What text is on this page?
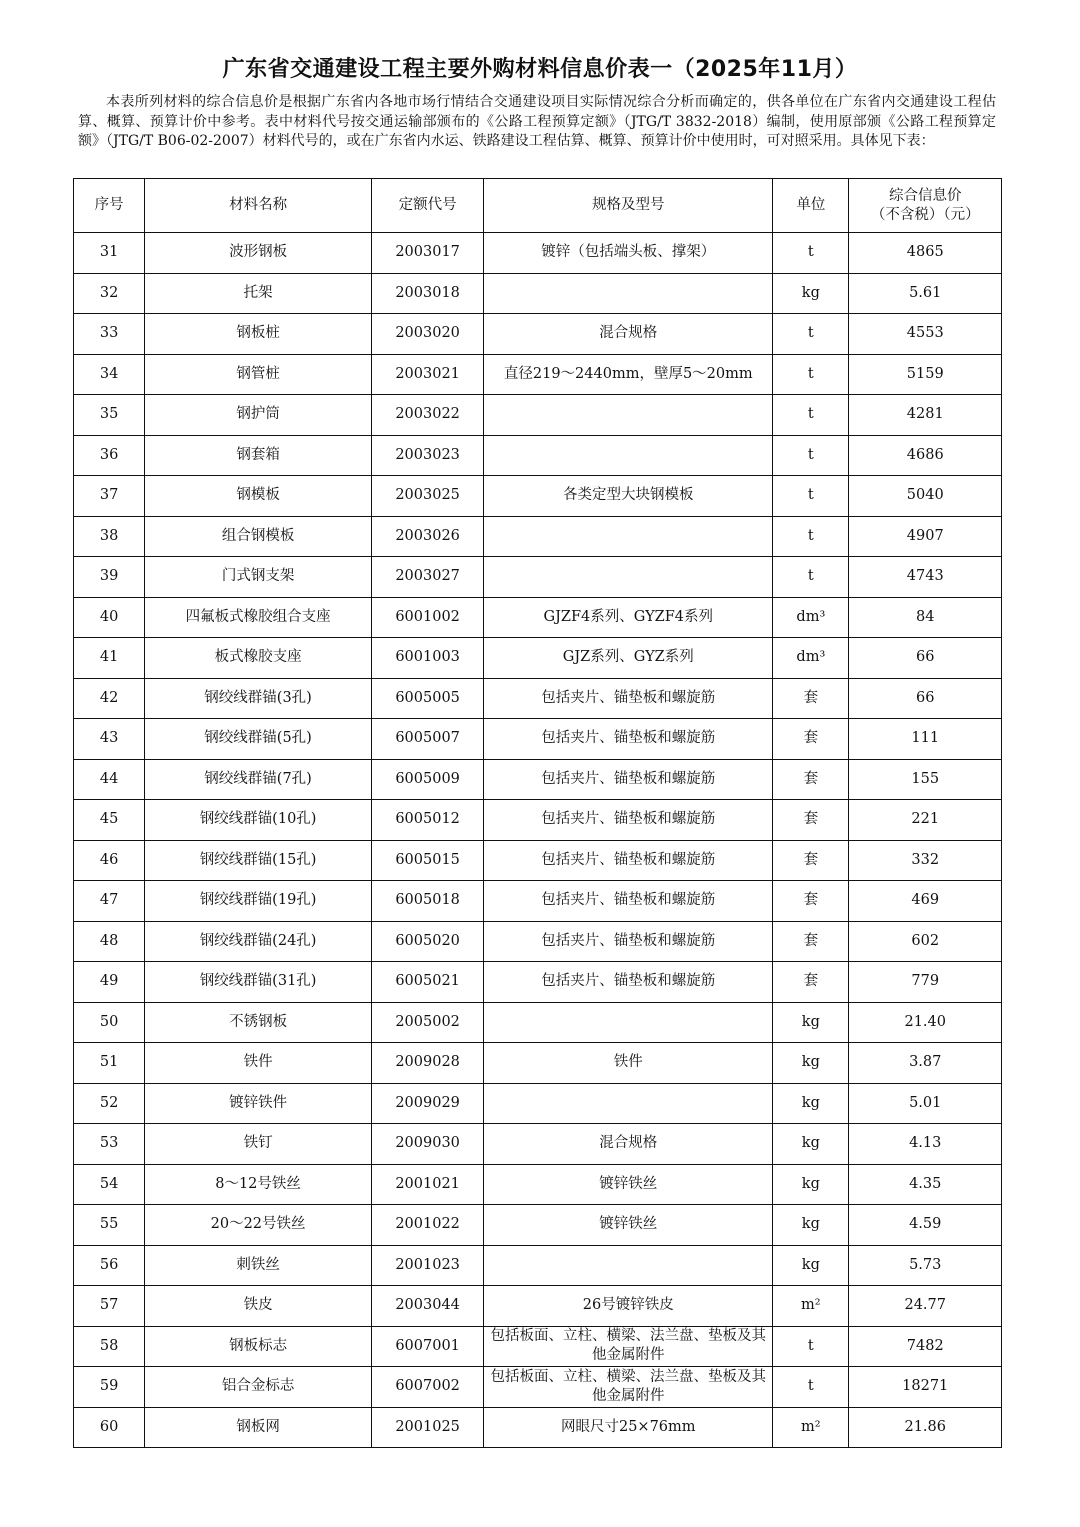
广东省交通建设工程主要外购材料信息价表一（2025年11月）
本表所列材料的综合信息价是根据广东省内各地市场行情结合交通建设项目实际情况综合分析而确定的，供各单位在广东省内交通建设工程估算、概算、预算计价中参考。表中材料代号按交通运输部颁布的《公路工程预算定额》（JTG/T 3832-2018）编制，使用原部颁《公路工程预算定额》（JTG/T B06-02-2007）材料代号的，或在广东省内水运、铁路建设工程估算、概算、预算计价中使用时，可对照采用。具体见下表：
序号	材料名称	定额代号	规格及型号	单位	综合信息价
（不含税）（元）

31	波形钢板	2003017	镀锌（包括端头板、撑架）	t	4865
32	托架	2003018		kg	5.61
33	钢板桩	2003020	混合规格	t	4553
34	钢管桩	2003021	直径219～2440mm，壁厚5～20mm	t	5159
35	钢护筒	2003022		t	4281
36	钢套箱	2003023		t	4686
37	钢模板	2003025	各类定型大块钢模板	t	5040
38	组合钢模板	2003026		t	4907
39	门式钢支架	2003027		t	4743
40	四氟板式橡胶组合支座	6001002	GJZF4系列、GYZF4系列	dm³	84
41	板式橡胶支座	6001003	GJZ系列、GYZ系列	dm³	66
42	钢绞线群锚(3孔)	6005005	包括夹片、锚垫板和螺旋筋	套	66
43	钢绞线群锚(5孔)	6005007	包括夹片、锚垫板和螺旋筋	套	111
44	钢绞线群锚(7孔)	6005009	包括夹片、锚垫板和螺旋筋	套	155
45	钢绞线群锚(10孔)	6005012	包括夹片、锚垫板和螺旋筋	套	221
46	钢绞线群锚(15孔)	6005015	包括夹片、锚垫板和螺旋筋	套	332
47	钢绞线群锚(19孔)	6005018	包括夹片、锚垫板和螺旋筋	套	469
48	钢绞线群锚(24孔)	6005020	包括夹片、锚垫板和螺旋筋	套	602
49	钢绞线群锚(31孔)	6005021	包括夹片、锚垫板和螺旋筋	套	779
50	不锈钢板	2005002		kg	21.40
51	铁件	2009028	铁件	kg	3.87
52	镀锌铁件	2009029		kg	5.01
53	铁钉	2009030	混合规格	kg	4.13
54	8～12号铁丝	2001021	镀锌铁丝	kg	4.35
55	20～22号铁丝	2001022	镀锌铁丝	kg	4.59
56	刺铁丝	2001023		kg	5.73
57	铁皮	2003044	26号镀锌铁皮	m²	24.77
58	钢板标志	6007001	包括板面、立柱、横梁、法兰盘、垫板及其他金属附件	t	7482
59	铝合金标志	6007002	包括板面、立柱、横梁、法兰盘、垫板及其他金属附件	t	18271
60	钢板网	2001025	网眼尺寸25×76mm	m²	21.86
